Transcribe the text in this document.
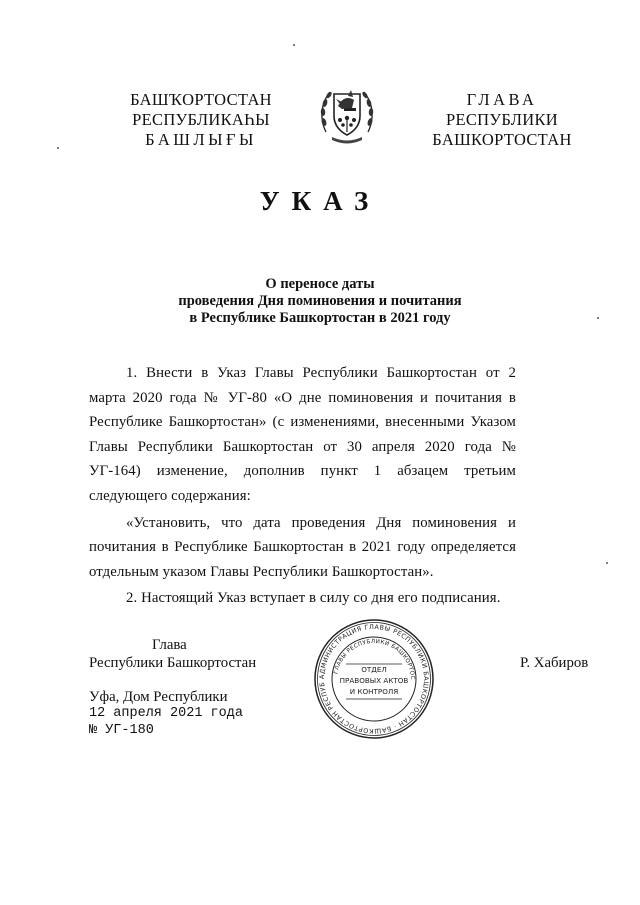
БАШҠОРТОСТАН
РЕСПУБЛИКАҺЫ
БАШЛЫҒЫ
ГЛАВА
РЕСПУБЛИКИ
БАШКОРТОСТАН
УКАЗ
О переносе даты
проведения Дня поминовения и почитания
в Республике Башкортостан в 2021 году

1. Внести в Указ Главы Республики Башкортостан от 2 марта 2020 года № УГ-80 «О дне поминовения и почитания в Республике Башкортостан» (с изменениями, внесенными Указом Главы Республики Башкортостан от 30 апреля 2020 года № УГ-164) изменение, дополнив пункт 1 абзацем третьим следующего содержания:

«Установить, что дата проведения Дня поминовения и почитания в Республике Башкортостан в 2021 году определяется отдельным указом Главы Республики Башкортостан».

2. Настоящий Указ вступает в силу со дня его подписания.

Глава
Республики Башкортостан	Р. Хабиров
АДМИНИСТРАЦИЯ ГЛАВЫ РЕСПУБЛИКИ БАШКОРТОСТАН · БАШКОРТОСТАН РЕСПУБ
ГЛАВЫ РЕСПУБЛИКИ БАШКОРТОС
ОТДЕЛ
ПРАВОВЫХ АКТОВ
И КОНТРОЛЯ
Уфа, Дом Республики
12 апреля 2021 года
№ УГ-180
